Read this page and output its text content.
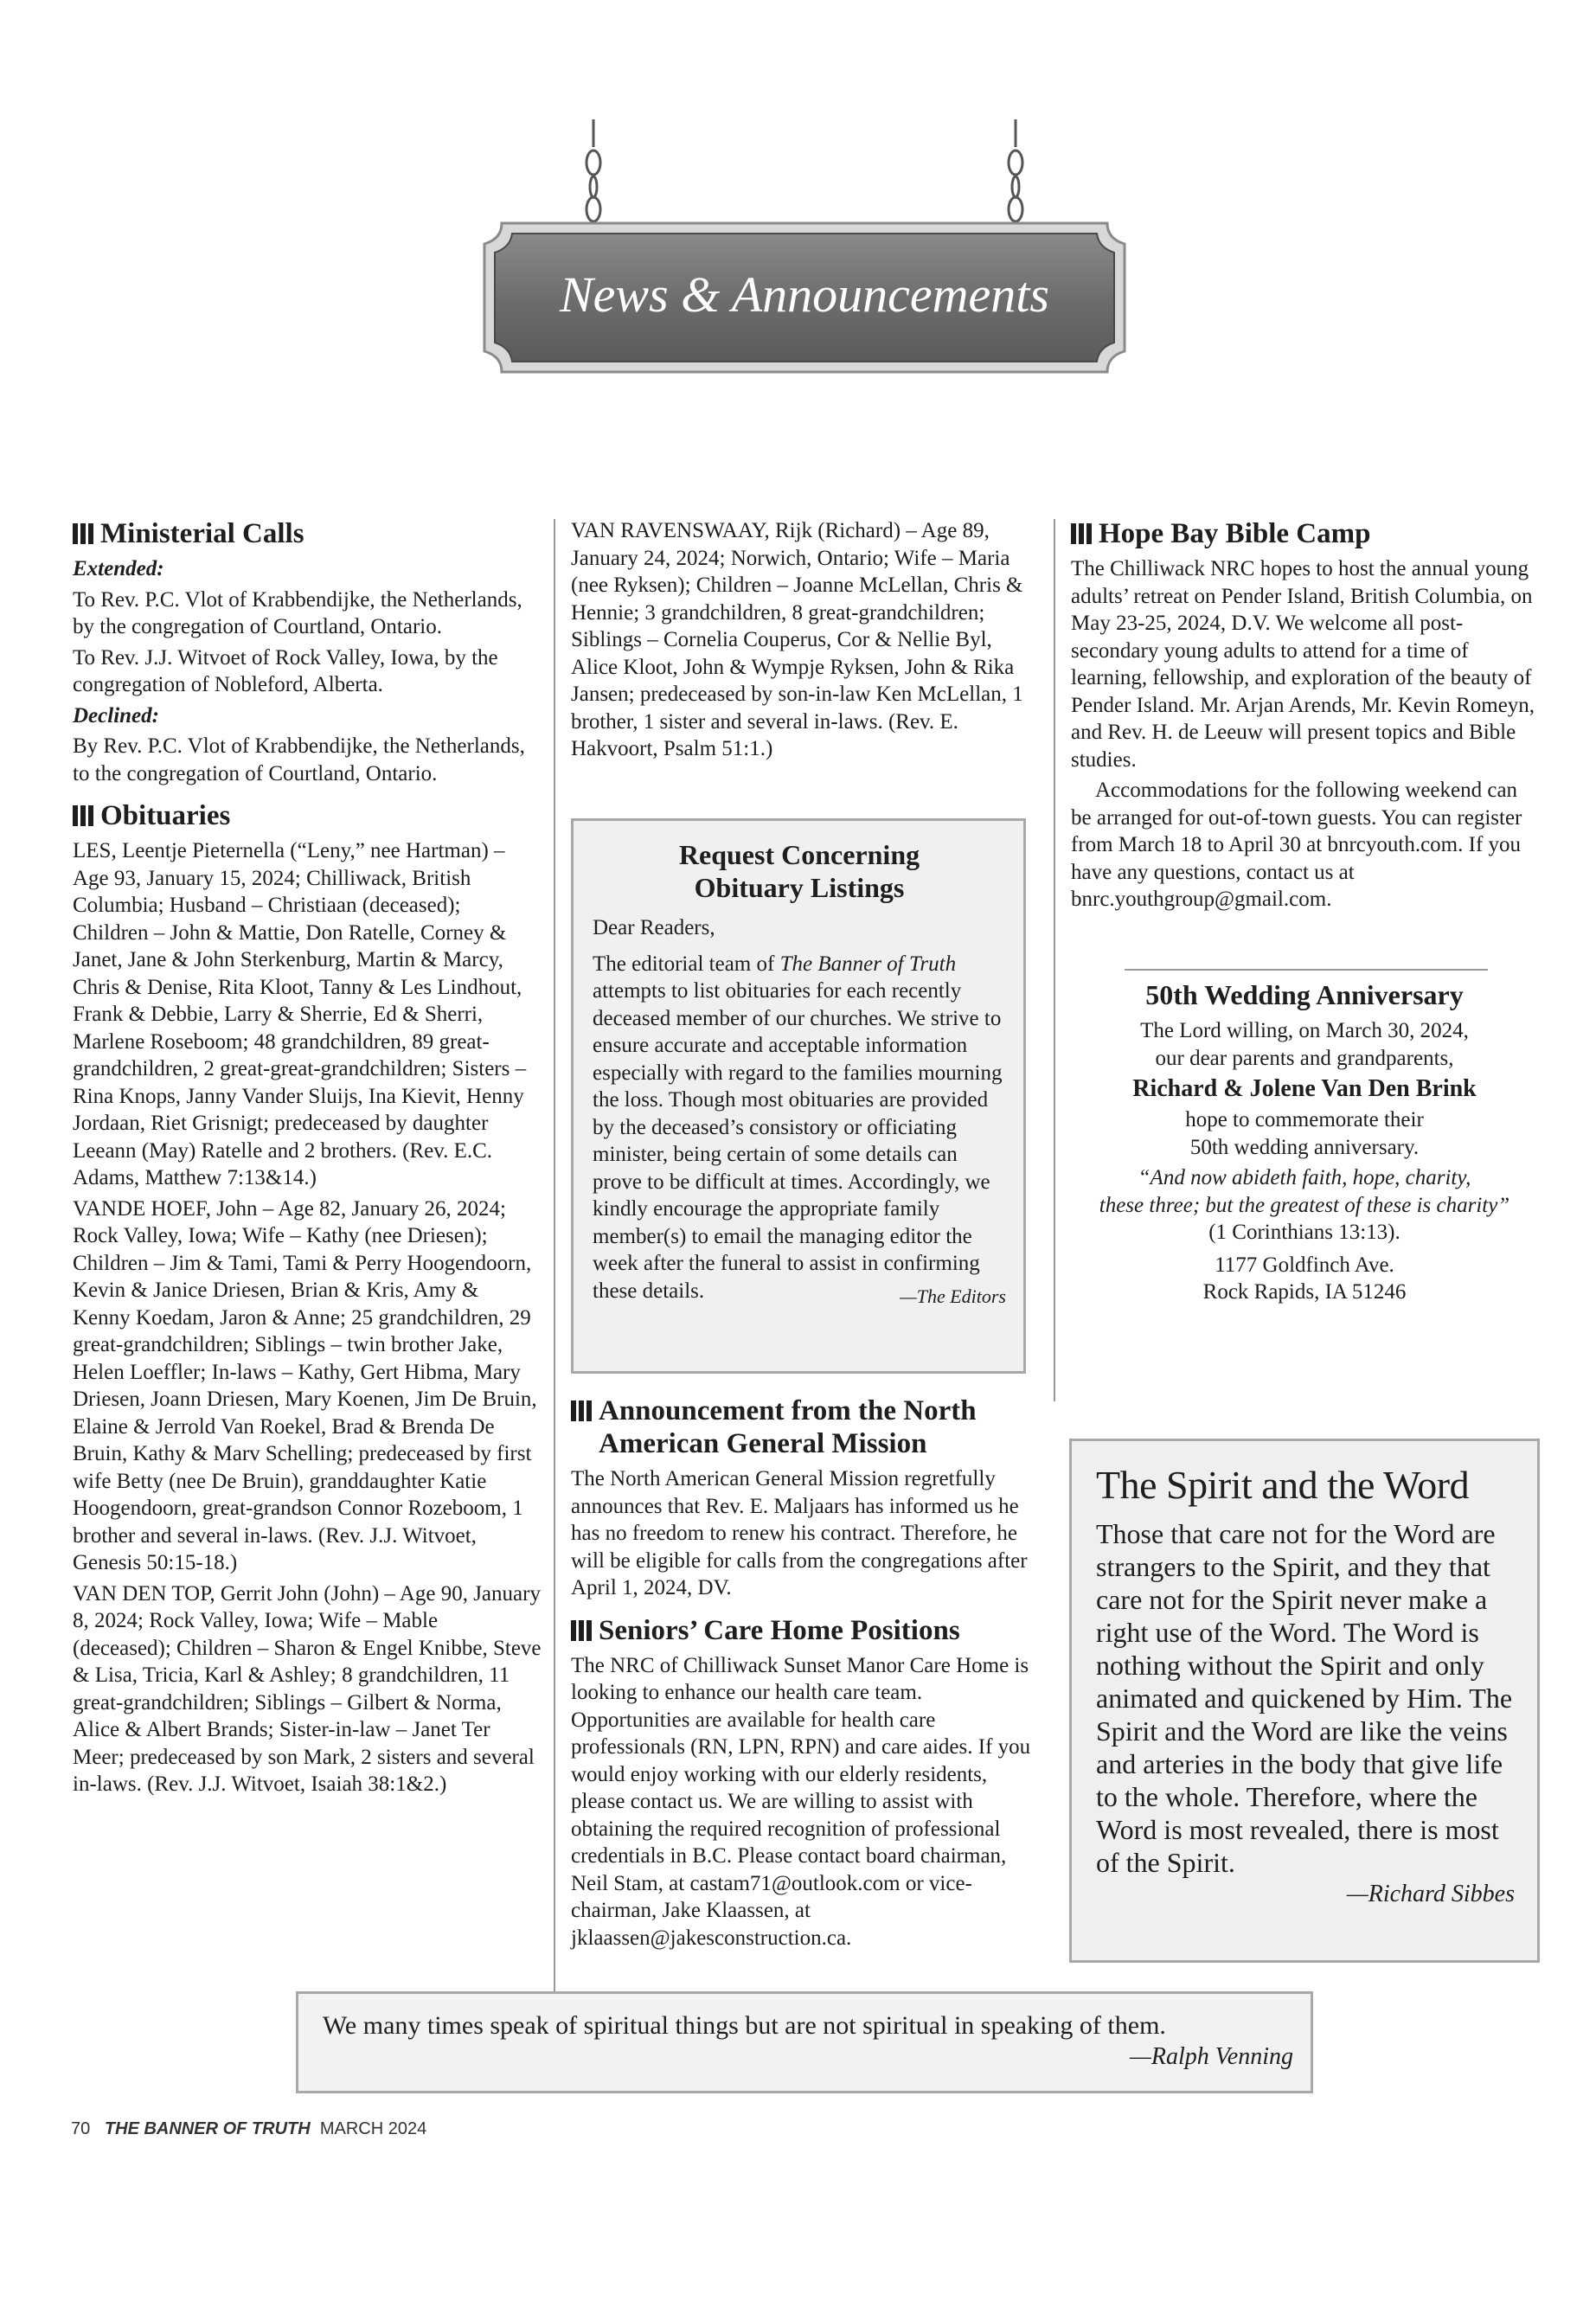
News & Announcements
Ministerial Calls

Extended:

To Rev. P.C. Vlot of Krabbendijke, the Netherlands, by the congregation of Courtland, Ontario.

To Rev. J.J. Witvoet of Rock Valley, Iowa, by the congregation of Nobleford, Alberta.

Declined:

By Rev. P.C. Vlot of Krabbendijke, the Netherlands, to the congregation of Courtland, Ontario.

Obituaries

LES, Leentje Pieternella (“Leny,” nee Hartman) – Age 93, January 15, 2024; Chilliwack, British Columbia; Husband – Christiaan (deceased); Children – John & Mattie, Don Ratelle, Corney & Janet, Jane & John Sterkenburg, Martin & Marcy, Chris & Denise, Rita Kloot, Tanny & Les Lindhout, Frank & Debbie, Larry & Sherrie, Ed & Sherri, Marlene Roseboom; 48 grandchildren, 89 great-grandchildren, 2 great-great-grandchildren; Sisters – Rina Knops, Janny Vander Sluijs, Ina Kievit, Henny Jordaan, Riet Grisnigt; predeceased by daughter Leeann (May) Ratelle and 2 brothers. (Rev. E.C. Adams, Matthew 7:13&14.)

VANDE HOEF, John – Age 82, January 26, 2024; Rock Valley, Iowa; Wife – Kathy (nee Driesen); Children – Jim & Tami, Tami & Perry Hoogendoorn, Kevin & Janice Driesen, Brian & Kris, Amy & Kenny Koedam, Jaron & Anne; 25 grandchildren, 29 great-grandchildren; Siblings – twin brother Jake, Helen Loeffler; In-laws – Kathy, Gert Hibma, Mary Driesen, Joann Driesen, Mary Koenen, Jim De Bruin, Elaine & Jerrold Van Roekel, Brad & Brenda De Bruin, Kathy & Marv Schelling; predeceased by first wife Betty (nee De Bruin), granddaughter Katie Hoogendoorn, great-grandson Connor Rozeboom, 1 brother and several in-laws. (Rev. J.J. Witvoet, Genesis 50:15-18.)

VAN DEN TOP, Gerrit John (John) – Age 90, January 8, 2024; Rock Valley, Iowa; Wife – Mable (deceased); Children – Sharon & Engel Knibbe, Steve & Lisa, Tricia, Karl & Ashley; 8 grandchildren, 11 great-grandchildren; Siblings – Gilbert & Norma, Alice & Albert Brands; Sister-in-law – Janet Ter Meer; predeceased by son Mark, 2 sisters and several in-laws. (Rev. J.J. Witvoet, Isaiah 38:1&2.)

VAN RAVENSWAAY, Rijk (Richard) – Age 89, January 24, 2024; Norwich, Ontario; Wife – Maria (nee Ryksen); Children – Joanne McLellan, Chris & Hennie; 3 grandchildren, 8 great-grandchildren; Siblings – Cornelia Couperus, Cor & Nellie Byl, Alice Kloot, John & Wympje Ryksen, John & Rika Jansen; predeceased by son-in-law Ken McLellan, 1 brother, 1 sister and several in-laws. (Rev. E. Hakvoort, Psalm 51:1.)

Request Concerning Obituary Listings

Dear Readers,

The editorial team of The Banner of Truth attempts to list obituaries for each recently deceased member of our churches. We strive to ensure accurate and acceptable information especially with regard to the families mourning the loss. Though most obituaries are provided by the deceased’s consistory or officiating minister, being certain of some details can prove to be difficult at times. Accordingly, we kindly encourage the appropriate family member(s) to email the managing editor the week after the funeral to assist in confirming these details.	—The Editors

Announcement from the North American General Mission

The North American General Mission regretfully announces that Rev. E. Maljaars has informed us he has no freedom to renew his contract. Therefore, he will be eligible for calls from the congregations after April 1, 2024, DV.

Seniors’ Care Home Positions

The NRC of Chilliwack Sunset Manor Care Home is looking to enhance our health care team. Opportunities are available for health care professionals (RN, LPN, RPN) and care aides. If you would enjoy working with our elderly residents, please contact us. We are willing to assist with obtaining the required recognition of professional credentials in B.C. Please contact board chairman, Neil Stam, at castam71@outlook.com or vice-chairman, Jake Klaassen, at jklaassen@jakesconstruction.ca.

Hope Bay Bible Camp

The Chilliwack NRC hopes to host the annual young adults’ retreat on Pender Island, British Columbia, on May 23-25, 2024, D.V. We welcome all post-secondary young adults to attend for a time of learning, fellowship, and exploration of the beauty of Pender Island. Mr. Arjan Arends, Mr. Kevin Romeyn, and Rev. H. de Leeuw will present topics and Bible studies.

Accommodations for the following weekend can be arranged for out-of-town guests. You can register from March 18 to April 30 at bnrcyouth.com. If you have any questions, contact us at bnrc.youthgroup@gmail.com.

50th Wedding Anniversary
The Lord willing, on March 30, 2024,
our dear parents and grandparents,
Richard & Jolene Van Den Brink
hope to commemorate their
50th wedding anniversary.
“And now abideth faith, hope, charity,
these three; but the greatest of these is charity”
(1 Corinthians 13:13).
1177 Goldfinch Ave.
Rock Rapids, IA 51246
The Spirit and the Word
Those that care not for the Word are strangers to the Spirit, and they that care not for the Spirit never make a right use of the Word. The Word is nothing without the Spirit and only animated and quickened by Him. The Spirit and the Word are like the veins and arteries in the body that give life to the whole. Therefore, where the Word is most revealed, there is most of the Spirit.
—Richard Sibbes
We many times speak of spiritual things but are not spiritual in speaking of them.
—Ralph Venning
70 THE BANNER OF TRUTH MARCH 2024
